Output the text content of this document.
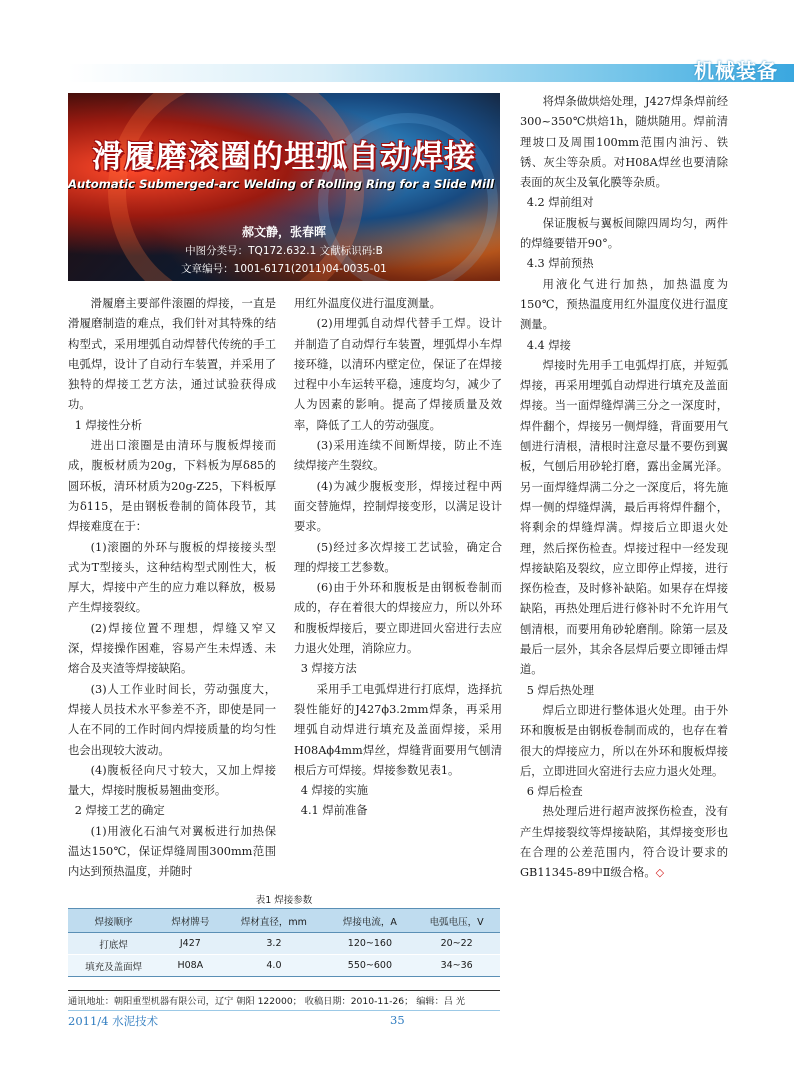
机械装备
滑履磨滚圈的埋弧自动焊接
Automatic Submerged-arc Welding of Rolling Ring for a Slide Mill
郝文静，张春晖
中图分类号：TQ172.632.1 文献标识码:B
文章编号：1001-6171(2011)04-0035-01

滑履磨主要部件滚圈的焊接，一直是滑履磨制造的难点，我们针对其特殊的结构型式，采用埋弧自动焊替代传统的手工电弧焊，设计了自动行车装置，并采用了独特的焊接工艺方法，通过试验获得成功。

1 焊接性分析

进出口滚圈是由清环与腹板焊接而成，腹板材质为20g，下料板为厚δ85的圆环板，清环材质为20g-Z25，下料板厚为δ115，是由钢板卷制的简体段节，其焊接难度在于：

(1)滚圈的外环与腹板的焊接接头型式为T型接头，这种结构型式刚性大，板厚大，焊接中产生的应力难以释放，极易产生焊接裂纹。

(2)焊接位置不理想，焊缝又窄又深，焊接操作困难，容易产生未焊透、未熔合及夹渣等焊接缺陷。

(3)人工作业时间长，劳动强度大，焊接人员技术水平参差不齐，即使是同一人在不同的工作时间内焊接质量的均匀性也会出现较大波动。

(4)腹板径向尺寸较大，又加上焊接量大，焊接时腹板易翘曲变形。

2 焊接工艺的确定

(1)用液化石油气对翼板进行加热保温达150℃，保证焊缝周围300mm范围内达到预热温度，并随时

用红外温度仪进行温度测量。

(2)用埋弧自动焊代替手工焊。设计并制造了自动焊行车装置，埋弧焊小车焊接环缝，以清环内壁定位，保证了在焊接过程中小车运转平稳，速度均匀，减少了人为因素的影响。提高了焊接质量及效率，降低了工人的劳动强度。

(3)采用连续不间断焊接，防止不连续焊接产生裂纹。

(4)为减少腹板变形，焊接过程中两面交替施焊，控制焊接变形，以满足设计要求。

(5)经过多次焊接工艺试验，确定合理的焊接工艺参数。

(6)由于外环和腹板是由钢板卷制而成的，存在着很大的焊接应力，所以外环和腹板焊接后，要立即进回火窑进行去应力退火处理，消除应力。

3 焊接方法

采用手工电弧焊进行打底焊，选择抗裂性能好的J427ϕ3.2mm焊条，再采用埋弧自动焊进行填充及盖面焊接，采用H08Aϕ4mm焊丝，焊缝背面要用气刨清根后方可焊接。焊接参数见表1。

4 焊接的实施

4.1 焊前准备

将焊条做烘焙处理，J427焊条焊前经300~350℃烘焙1h，随烘随用。焊前清理坡口及周围100mm范围内油污、铁锈、灰尘等杂质。对H08A焊丝也要清除表面的灰尘及氧化膜等杂质。

4.2 焊前组对

保证腹板与翼板间隙四周均匀，两件的焊缝要错开90°。

4.3 焊前预热

用液化气进行加热，加热温度为150℃，预热温度用红外温度仪进行温度测量。

4.4 焊接

焊接时先用手工电弧焊打底，并短弧焊接，再采用埋弧自动焊进行填充及盖面焊接。当一面焊缝焊满三分之一深度时，焊件翻个，焊接另一侧焊缝，背面要用气刨进行清根，清根时注意尽量不要伤到翼板，气刨后用砂轮打磨，露出金属光泽。另一面焊缝焊满二分之一深度后，将先施焊一侧的焊缝焊满，最后再将焊件翻个，将剩余的焊缝焊满。焊接后立即退火处理，然后探伤检查。焊接过程中一经发现焊接缺陷及裂纹，应立即停止焊接，进行探伤检查，及时修补缺陷。如果存在焊接缺陷，再热处理后进行修补时不允许用气刨清根，而要用角砂轮磨削。除第一层及最后一层外，其余各层焊后要立即锤击焊道。

5 焊后热处理

焊后立即进行整体退火处理。由于外环和腹板是由钢板卷制而成的，也存在着很大的焊接应力，所以在外环和腹板焊接后，立即进回火窑进行去应力退火处理。

6 焊后检查

热处理后进行超声波探伤检查，没有产生焊接裂纹等焊接缺陷，其焊接变形也在合理的公差范围内，符合设计要求的GB11345-89中Ⅱ级合格。◇

表1 焊接参数
焊接顺序	焊材牌号	焊材直径，mm	焊接电流，A	电弧电压，V
打底焊	J427	3.2	120~160	20~22
填充及盖面焊	H08A	4.0	550~600	34~36
通讯地址：朝阳重型机器有限公司，辽宁 朝阳 122000； 收稿日期：2010-11-26； 编辑：吕 光
2011/4 水泥技术	35
